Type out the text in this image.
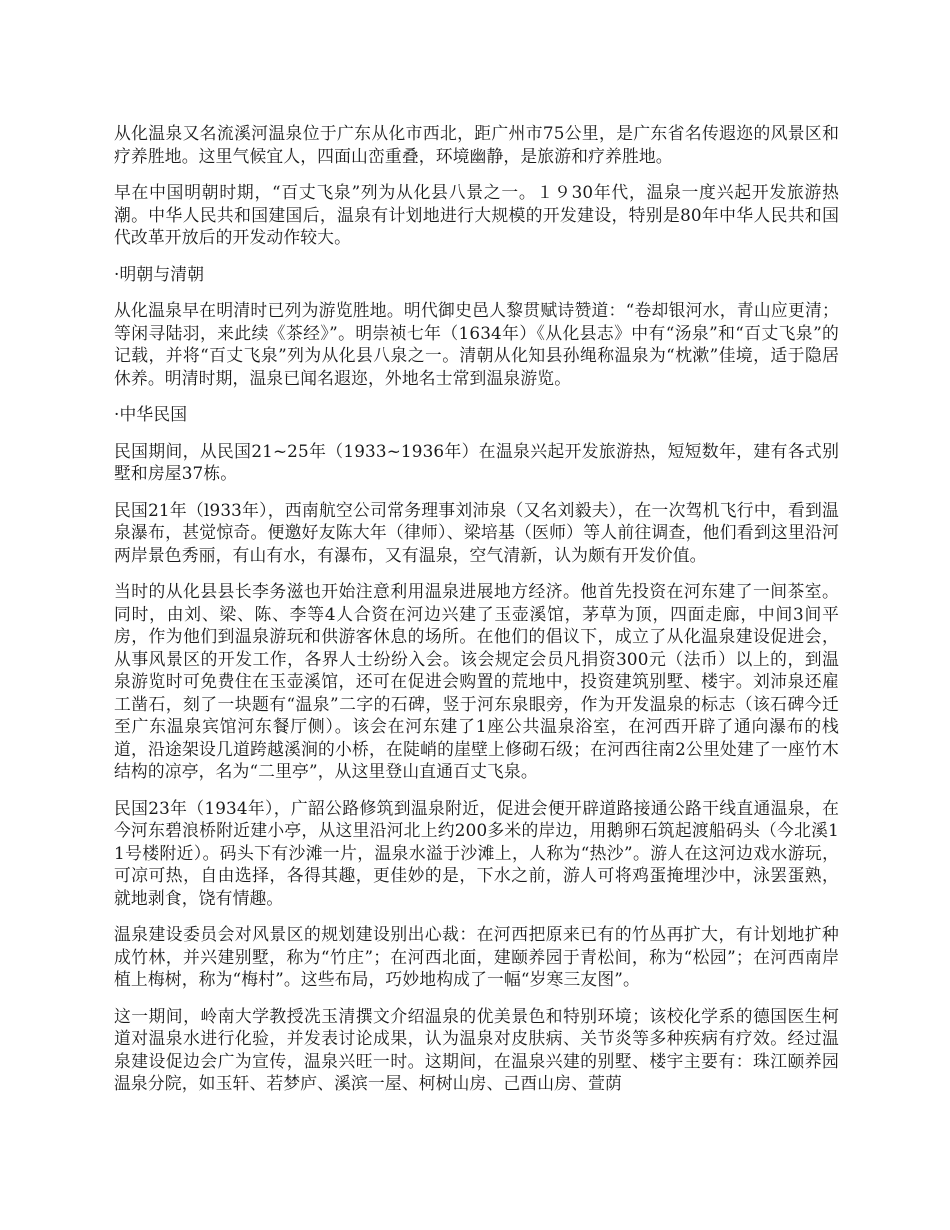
从化温泉又名流溪河温泉位于广东从化市西北，距广州市75公里，是广东省名传遐迩的风景区和疗养胜地。这里气候宜人，四面山峦重叠，环境幽静，是旅游和疗养胜地。

早在中国明朝时期，“百丈飞泉”列为从化县八景之一。１９30年代，温泉一度兴起开发旅游热潮。中华人民共和国建国后，温泉有计划地进行大规模的开发建设，特别是80年中华人民共和国代改革开放后的开发动作较大。

·明朝与清朝

从化温泉早在明清时已列为游览胜地。明代御史邑人黎贯赋诗赞道：“卷却银河水，青山应更清；等闲寻陆羽，来此续《茶经》”。明崇祯七年（1634年）《从化县志》中有“汤泉”和“百丈飞泉”的记载，并将“百丈飞泉”列为从化县八泉之一。清朝从化知县孙绳称温泉为“枕漱”佳境，适于隐居休养。明清时期，温泉已闻名遐迩，外地名士常到温泉游览。

·中华民国

民国期间，从民国21~25年（1933~1936年）在温泉兴起开发旅游热，短短数年，建有各式别墅和房屋37栋。

民国21年（l933年），西南航空公司常务理事刘沛泉（又名刘毅夫），在一次驾机飞行中，看到温泉瀑布，甚觉惊奇。便邀好友陈大年（律师）、梁培基（医师）等人前往调查，他们看到这里沿河两岸景色秀丽，有山有水，有瀑布，又有温泉，空气清新，认为颇有开发价值。

当时的从化县县长李务滋也开始注意利用温泉进展地方经济。他首先投资在河东建了一间茶室。同时，由刘、梁、陈、李等4人合资在河边兴建了玉壶溪馆，茅草为顶，四面走廊，中间3间平房，作为他们到温泉游玩和供游客休息的场所。在他们的倡议下，成立了从化温泉建设促进会，从事风景区的开发工作，各界人士纷纷入会。该会规定会员凡捐资300元（法币）以上的，到温泉游览时可免费住在玉壶溪馆，还可在促进会购置的荒地中，投资建筑别墅、楼宇。刘沛泉还雇工凿石，刻了一块题有“温泉”二字的石碑，竖于河东泉眼旁，作为开发温泉的标志（该石碑今迁至广东温泉宾馆河东餐厅侧）。该会在河东建了1座公共温泉浴室，在河西开辟了通向瀑布的栈道，沿途架设几道跨越溪涧的小桥，在陡峭的崖壁上修砌石级；在河西往南2公里处建了一座竹木结构的凉亭，名为“二里亭”，从这里登山直通百丈飞泉。

民国23年（1934年），广韶公路修筑到温泉附近，促进会便开辟道路接通公路干线直通温泉，在今河东碧浪桥附近建小亭，从这里沿河北上约200多米的岸边，用鹅卵石筑起渡船码头（今北溪11号楼附近）。码头下有沙滩一片，温泉水溢于沙滩上，人称为“热沙”。游人在这河边戏水游玩，可凉可热，自由选择，各得其趣，更佳妙的是，下水之前，游人可将鸡蛋掩埋沙中，泳罢蛋熟，就地剥食，饶有情趣。

温泉建设委员会对风景区的规划建设别出心裁：在河西把原来已有的竹丛再扩大，有计划地扩种成竹林，并兴建别墅，称为“竹庄”；在河西北面，建颐养园于青松间，称为“松园”；在河西南岸植上梅树，称为“梅村”。这些布局，巧妙地构成了一幅“岁寒三友图”。

这一期间，岭南大学教授冼玉清撰文介绍温泉的优美景色和特别环境；该校化学系的德国医生柯道对温泉水进行化验，并发表讨论成果，认为温泉对皮肤病、关节炎等多种疾病有疗效。经过温泉建设促边会广为宣传，温泉兴旺一时。这期间，在温泉兴建的别墅、楼宇主要有：珠江颐养园温泉分院，如玉轩、若梦庐、溪滨一屋、柯树山房、己酉山房、萱荫
